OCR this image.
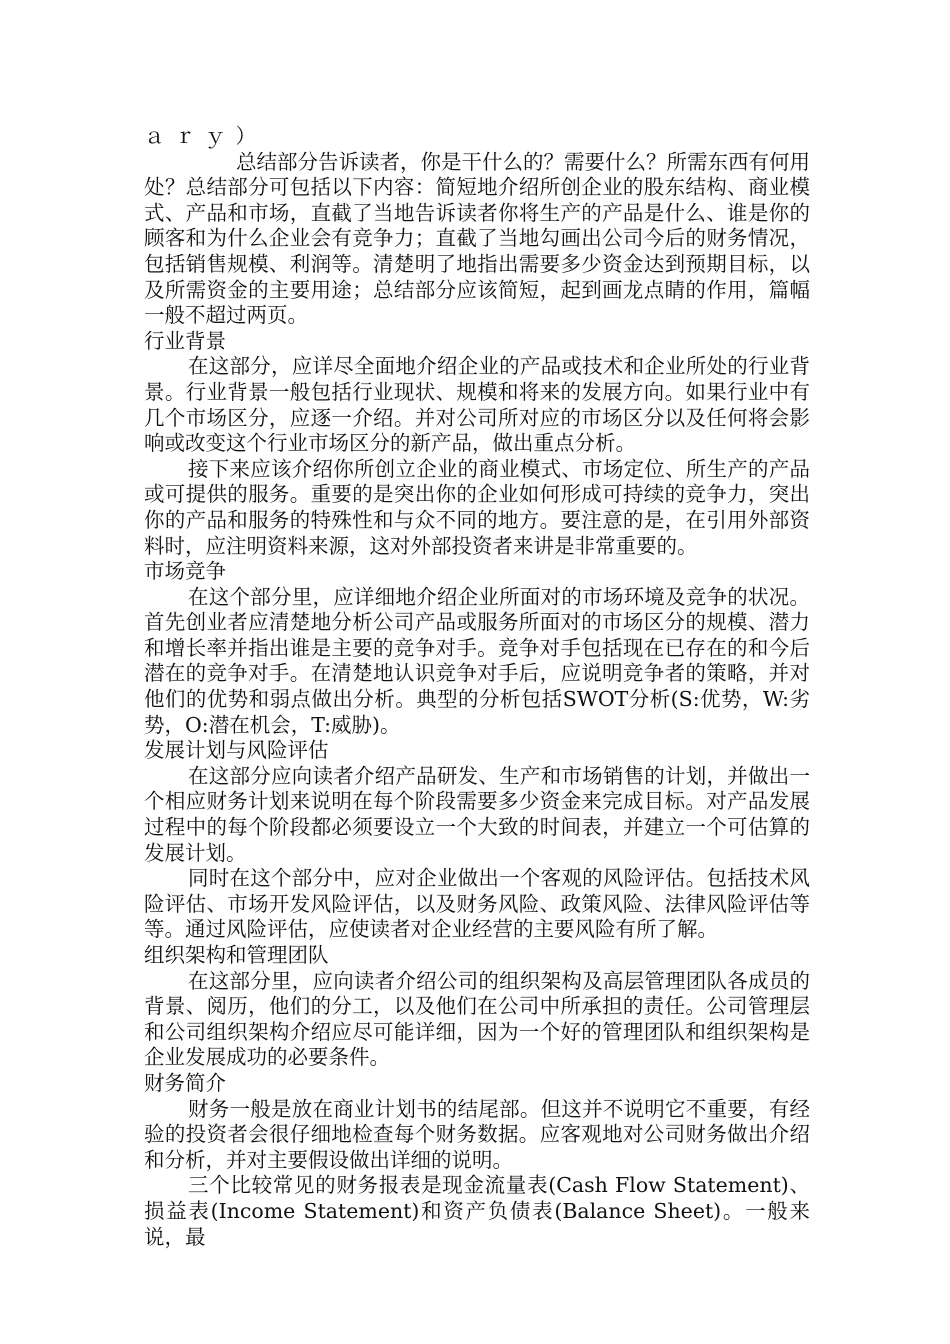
ａｒｙ）

总结部分告诉读者，你是干什么的？需要什么？所需东西有何用处？总结部分可包括以下内容：简短地介绍所创企业的股东结构、商业模式、产品和市场，直截了当地告诉读者你将生产的产品是什么、谁是你的顾客和为什么企业会有竞争力；直截了当地勾画出公司今后的财务情况，包括销售规模、利润等。清楚明了地指出需要多少资金达到预期目标，以及所需资金的主要用途；总结部分应该简短，起到画龙点睛的作用，篇幅一般不超过两页。

行业背景

在这部分，应详尽全面地介绍企业的产品或技术和企业所处的行业背景。行业背景一般包括行业现状、规模和将来的发展方向。如果行业中有几个市场区分，应逐一介绍。并对公司所对应的市场区分以及任何将会影响或改变这个行业市场区分的新产品，做出重点分析。

接下来应该介绍你所创立企业的商业模式、市场定位、所生产的产品或可提供的服务。重要的是突出你的企业如何形成可持续的竞争力，突出你的产品和服务的特殊性和与众不同的地方。要注意的是，在引用外部资料时，应注明资料来源，这对外部投资者来讲是非常重要的。

市场竞争

在这个部分里，应详细地介绍企业所面对的市场环境及竞争的状况。首先创业者应清楚地分析公司产品或服务所面对的市场区分的规模、潜力和增长率并指出谁是主要的竞争对手。竞争对手包括现在已存在的和今后潜在的竞争对手。在清楚地认识竞争对手后，应说明竞争者的策略，并对他们的优势和弱点做出分析。典型的分析包括SWOT分析(S:优势，W:劣势，O:潜在机会，T:威胁)。

发展计划与风险评估

在这部分应向读者介绍产品研发、生产和市场销售的计划，并做出一个相应财务计划来说明在每个阶段需要多少资金来完成目标。对产品发展过程中的每个阶段都必须要设立一个大致的时间表，并建立一个可估算的发展计划。

同时在这个部分中，应对企业做出一个客观的风险评估。包括技术风险评估、市场开发风险评估，以及财务风险、政策风险、法律风险评估等等。通过风险评估，应使读者对企业经营的主要风险有所了解。

组织架构和管理团队

在这部分里，应向读者介绍公司的组织架构及高层管理团队各成员的背景、阅历，他们的分工，以及他们在公司中所承担的责任。公司管理层和公司组织架构介绍应尽可能详细，因为一个好的管理团队和组织架构是企业发展成功的必要条件。

财务简介

财务一般是放在商业计划书的结尾部。但这并不说明它不重要，有经验的投资者会很仔细地检查每个财务数据。应客观地对公司财务做出介绍和分析，并对主要假设做出详细的说明。

三个比较常见的财务报表是现金流量表(Cash Flow Statement)、损益表(Income Statement)和资产负债表(Balance Sheet)。一般来说，最
